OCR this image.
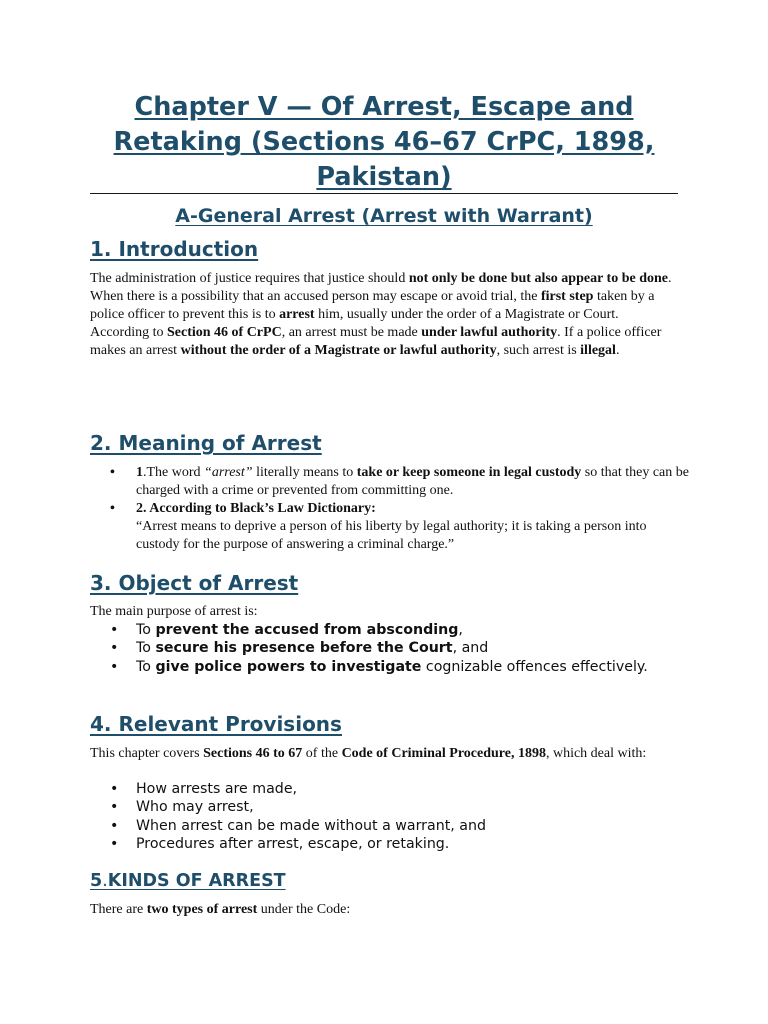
Chapter V — Of Arrest, Escape and Retaking (Sections 46–67 CrPC, 1898, Pakistan)
A-General Arrest (Arrest with Warrant)
1. Introduction

The administration of justice requires that justice should not only be done but also appear to be done.

When there is a possibility that an accused person may escape or avoid trial, the first step taken by a police officer to prevent this is to arrest him, usually under the order of a Magistrate or Court.

According to Section 46 of CrPC, an arrest must be made under lawful authority. If a police officer makes an arrest without the order of a Magistrate or lawful authority, such arrest is illegal.

2. Meaning of Arrest
• 1.The word “arrest” literally means to take or keep someone in legal custody so that they can be charged with a crime or prevented from committing one.
• 2. According to Black’s Law Dictionary:
“Arrest means to deprive a person of his liberty by legal authority; it is taking a person into custody for the purpose of answering a criminal charge.”
3. Object of Arrest
The main purpose of arrest is:
• To prevent the accused from absconding,
• To secure his presence before the Court, and
• To give police powers to investigate cognizable offences effectively.
4. Relevant Provisions
This chapter covers Sections 46 to 67 of the Code of Criminal Procedure, 1898, which deal with:
• How arrests are made,
• Who may arrest,
• When arrest can be made without a warrant, and
• Procedures after arrest, escape, or retaking.
5.KINDS OF ARREST
There are two types of arrest under the Code:
